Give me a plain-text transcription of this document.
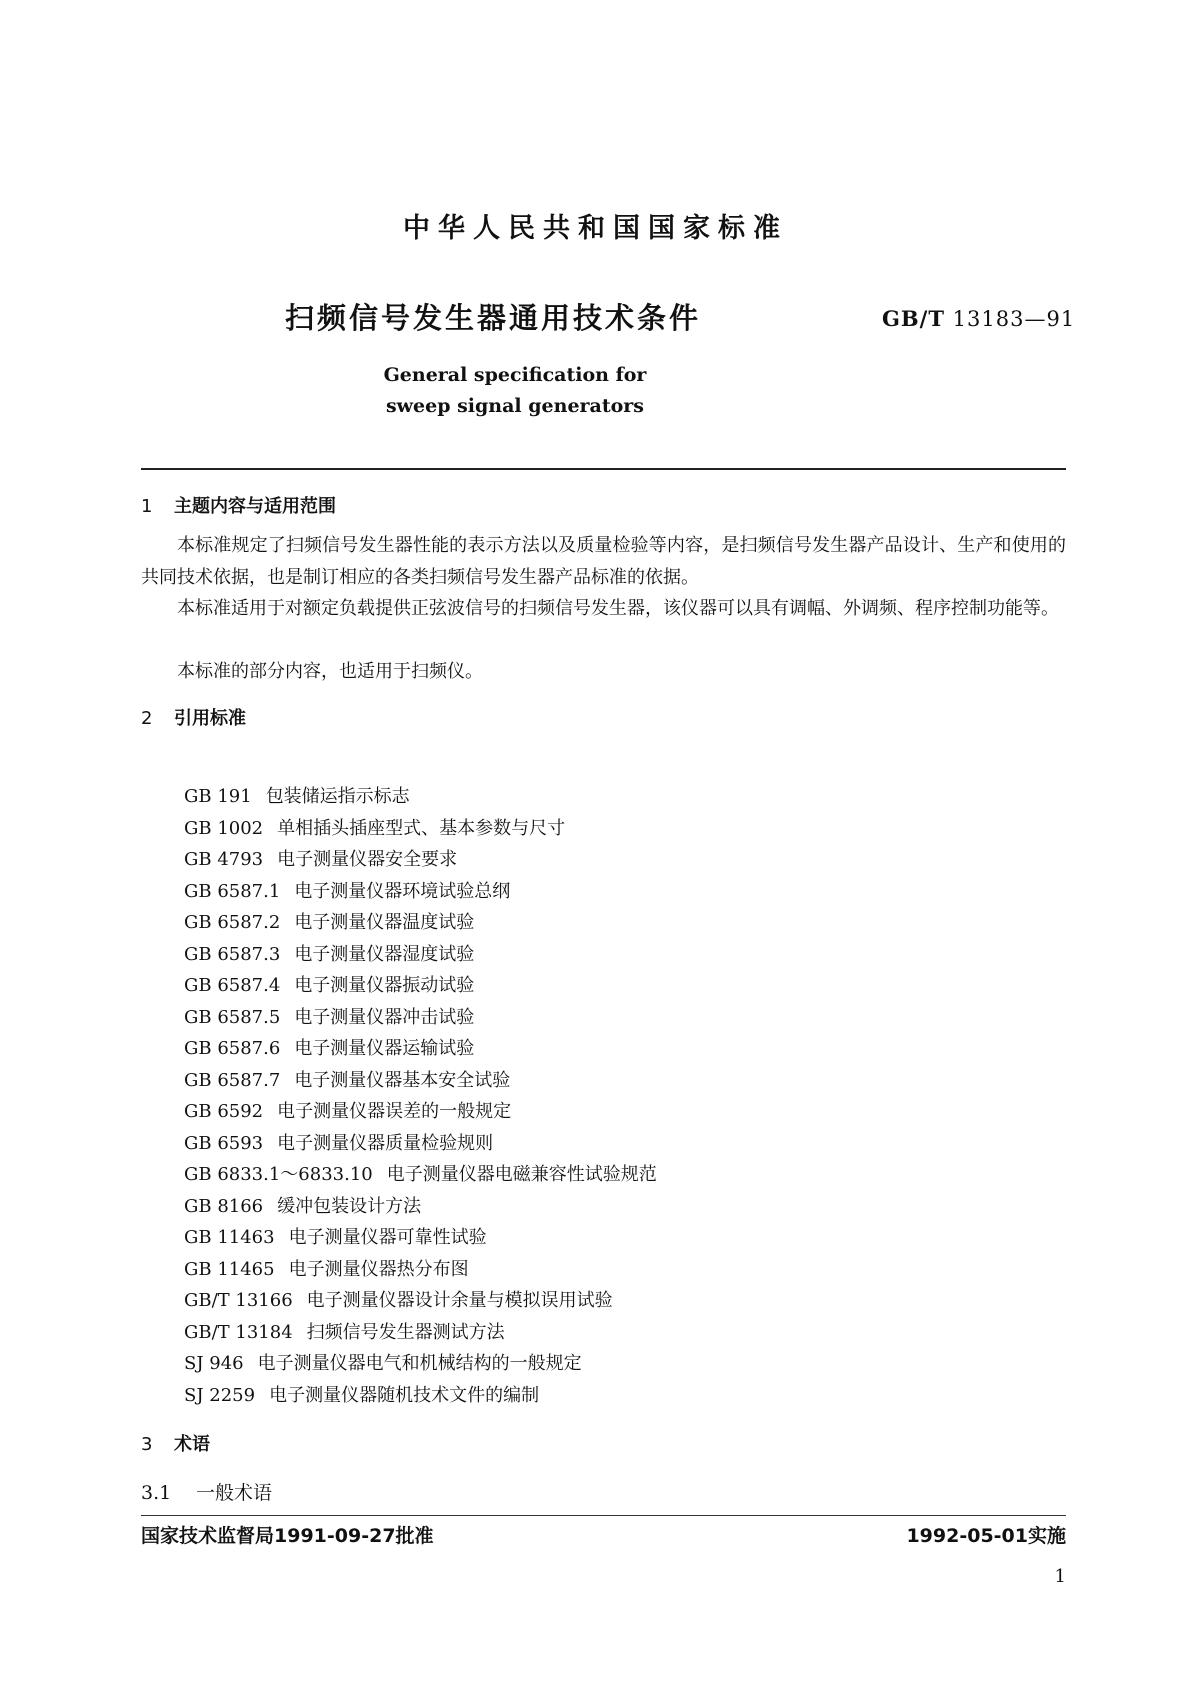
中华人民共和国国家标准
扫频信号发生器通用技术条件	GB/T 13183—91
General specification for
sweep signal generators
1 主题内容与适用范围
本标准规定了扫频信号发生器性能的表示方法以及质量检验等内容，是扫频信号发生器产品设计、生产和使用的共同技术依据，也是制订相应的各类扫频信号发生器产品标准的依据。
本标准适用于对额定负载提供正弦波信号的扫频信号发生器，该仪器可以具有调幅、外调频、程序控制功能等。
本标准的部分内容，也适用于扫频仪。
2 引用标准
GB 191 包装储运指示标志
GB 1002 单相插头插座型式、基本参数与尺寸
GB 4793 电子测量仪器安全要求
GB 6587.1 电子测量仪器环境试验总纲
GB 6587.2 电子测量仪器温度试验
GB 6587.3 电子测量仪器湿度试验
GB 6587.4 电子测量仪器振动试验
GB 6587.5 电子测量仪器冲击试验
GB 6587.6 电子测量仪器运输试验
GB 6587.7 电子测量仪器基本安全试验
GB 6592 电子测量仪器误差的一般规定
GB 6593 电子测量仪器质量检验规则
GB 6833.1～6833.10 电子测量仪器电磁兼容性试验规范
GB 8166 缓冲包装设计方法
GB 11463 电子测量仪器可靠性试验
GB 11465 电子测量仪器热分布图
GB/T 13166 电子测量仪器设计余量与模拟误用试验
GB/T 13184 扫频信号发生器测试方法
SJ 946 电子测量仪器电气和机械结构的一般规定
SJ 2259 电子测量仪器随机技术文件的编制
3 术语
3.1 一般术语
国家技术监督局1991-09-27批准	1992-05-01实施
1
